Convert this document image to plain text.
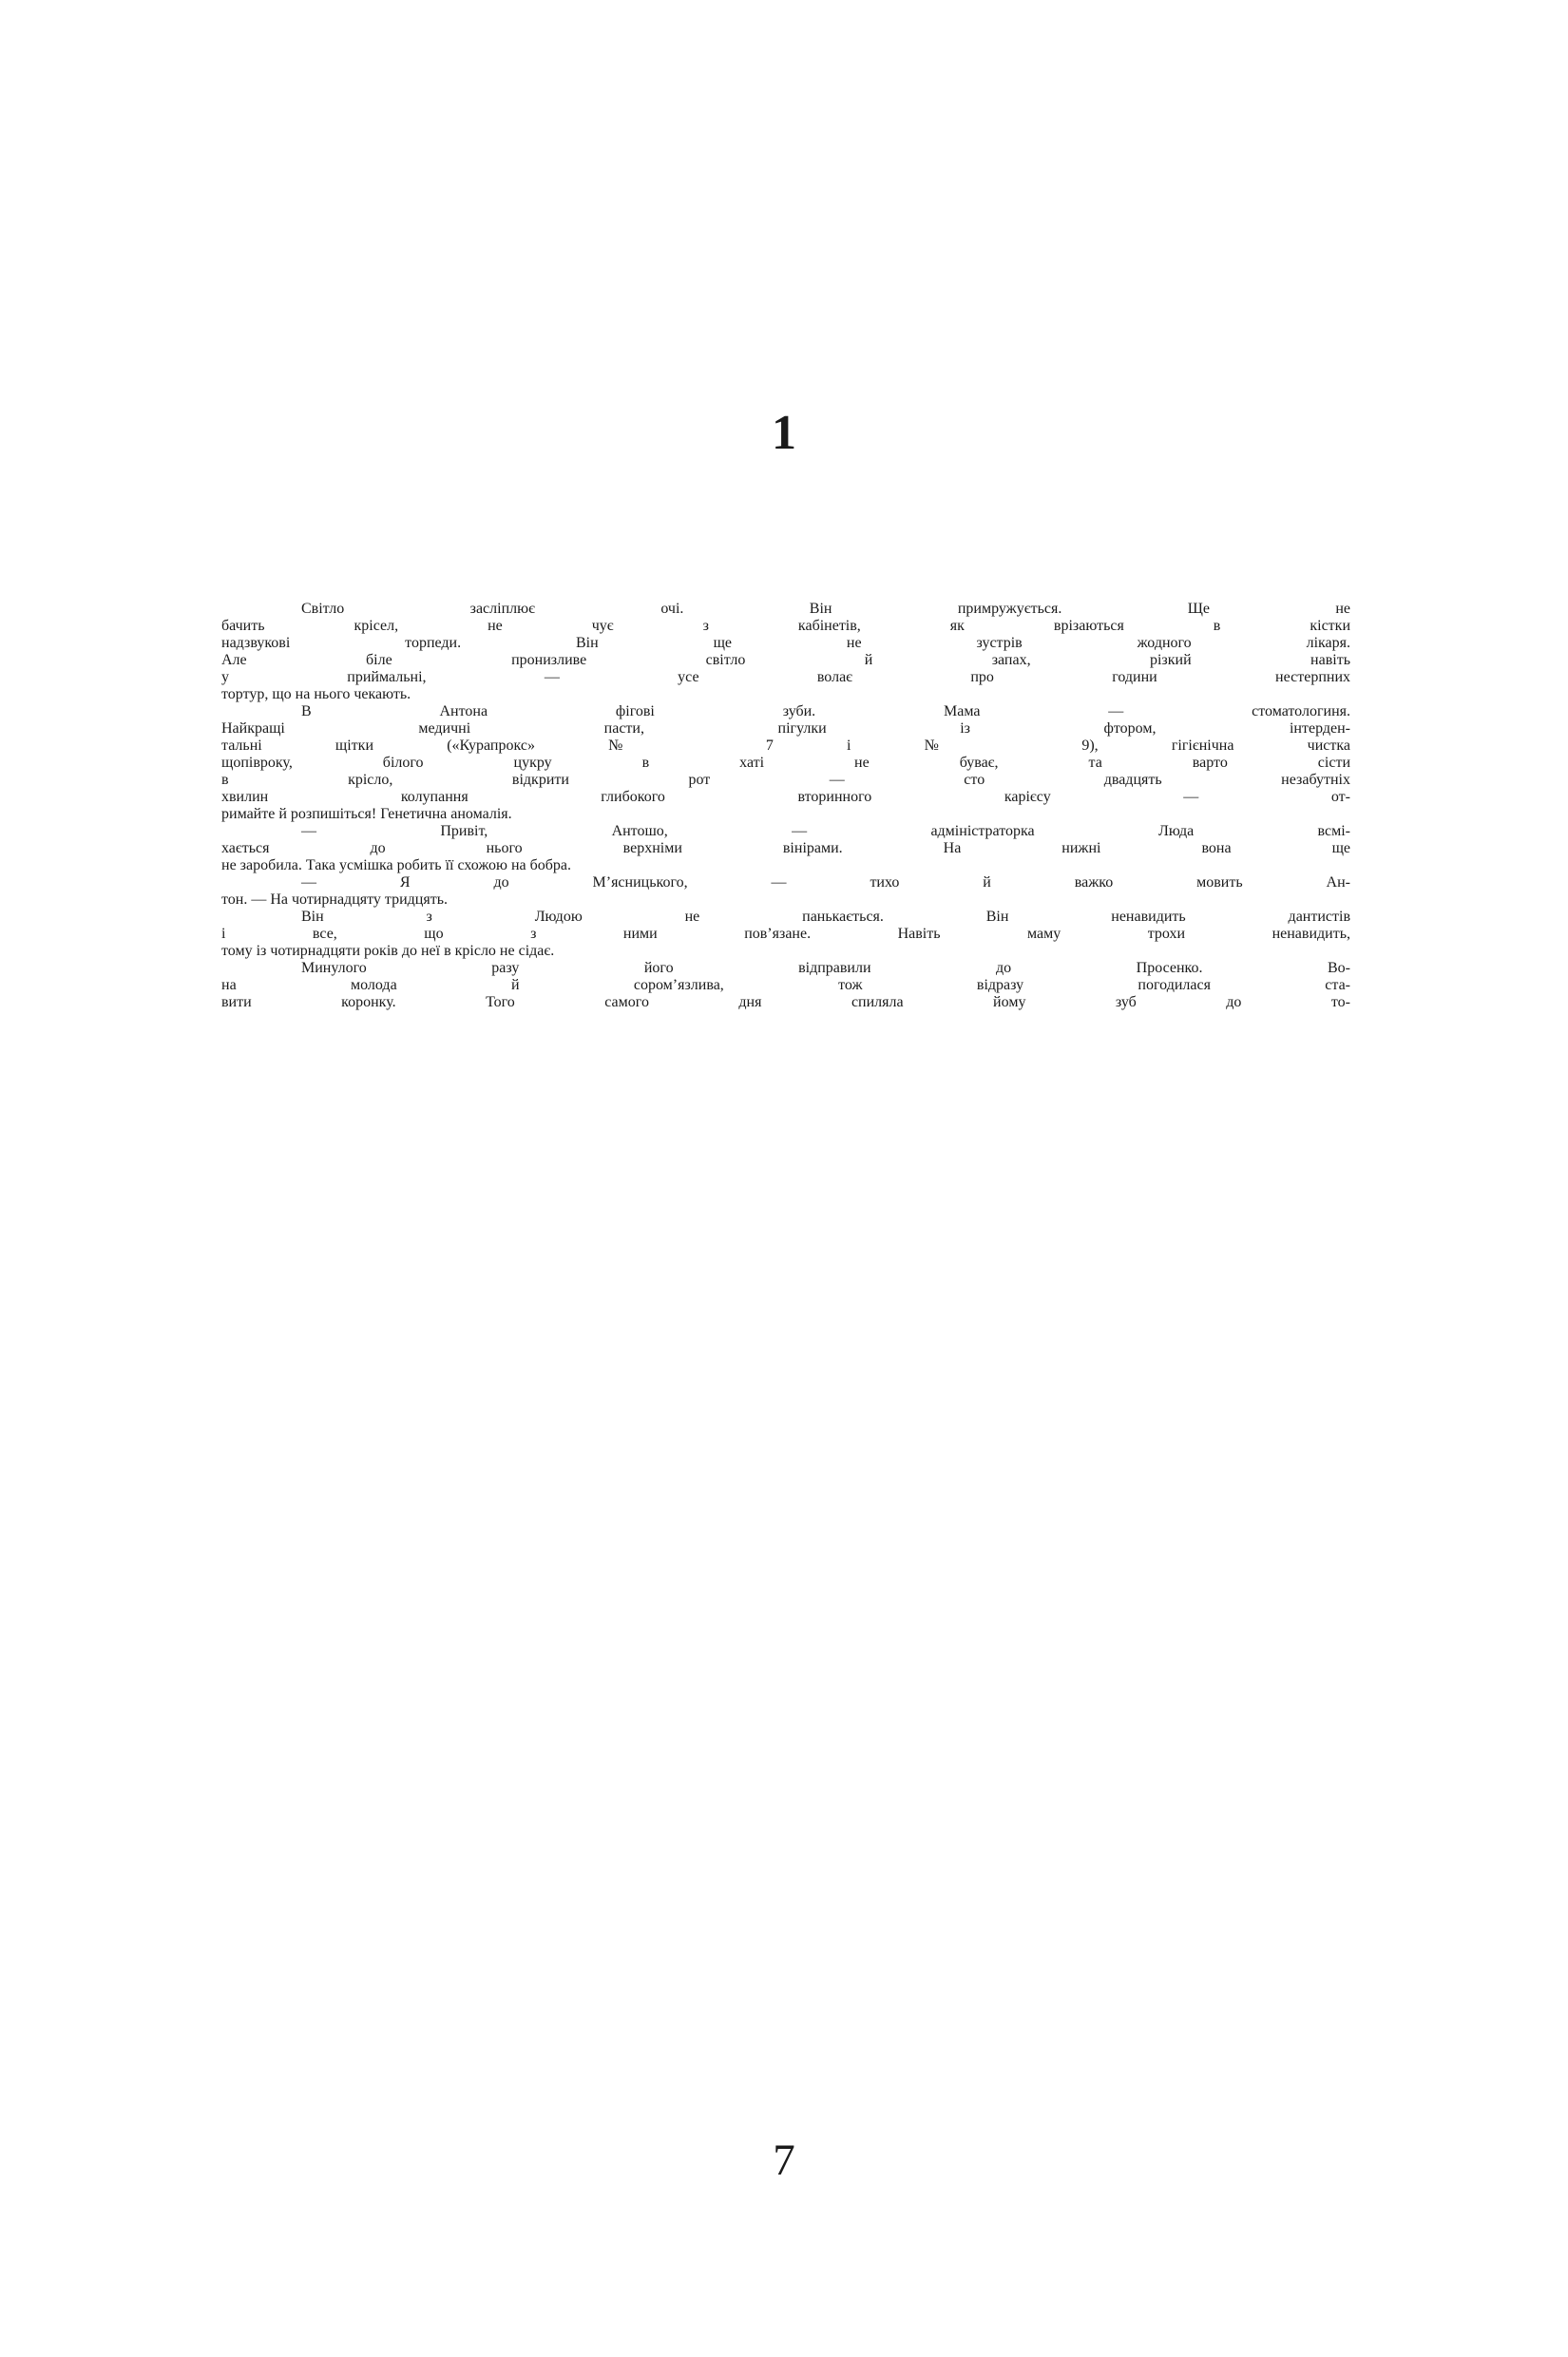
1
Світло засліплює очі. Він примружується. Ще не
бачить крісел, не чує з кабінетів, як врізаються в кістки
надзвукові торпеди. Він ще не зустрів жодного лікаря.
Але біле пронизливе світло й запах, різкий навіть
у приймальні, — усе волає про години нестерпних
тортур, що на нього чекають.
В Антона фігові зуби. Мама — стоматологиня.
Найкращі медичні пасти, пігулки із фтором, інтерден-
тальні щітки («Курапрокс» № 7 і № 9), гігієнічна чистка
щопівроку, білого цукру в хаті не буває, та варто сісти
в крісло, відкрити рот — сто двадцять незабутніх
хвилин колупання глибокого вторинного карієсу — от-
римайте й розпишіться! Генетична аномалія.
— Привіт, Антошо, — адміністраторка Люда всмі-
хається до нього верхніми вінірами. На нижні вона ще
не заробила. Така усмішка робить її схожою на бобра.
— Я до М’ясницького, — тихо й важко мовить Ан-
тон. — На чотирнадцяту тридцять.
Він з Людою не панькається. Він ненавидить дантистів
і все, що з ними пов’язане. Навіть маму трохи ненавидить,
тому із чотирнадцяти років до неї в крісло не сідає.
Минулого разу його відправили до Просенко. Во-
на молода й сором’язлива, тож відразу погодилася ста-
вити коронку. Того самого дня спиляла йому зуб до то-
7
